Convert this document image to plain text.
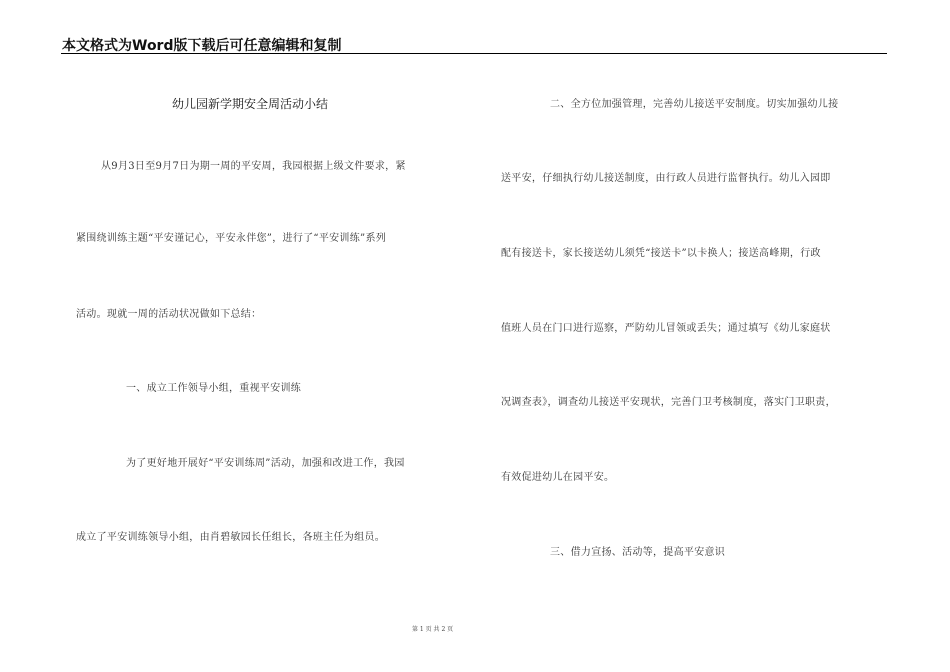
本文格式为Word版下载后可任意编辑和复制
幼儿园新学期安全周活动小结
从9月3日至9月7日为期一周的平安周，我园根据上级文件要求，紧
紧围绕训练主题“平安谨记心，平安永伴您”，进行了“平安训练”系列
活动。现就一周的活动状况做如下总结：
一、成立工作领导小组，重视平安训练
为了更好地开展好“平安训练周”活动，加强和改进工作，我园
成立了平安训练领导小组，由肖碧敏园长任组长，各班主任为组员。
二、全方位加强管理，完善幼儿接送平安制度。切实加强幼儿接
送平安，仔细执行幼儿接送制度，由行政人员进行监督执行。幼儿入园即
配有接送卡，家长接送幼儿须凭“接送卡”以卡换人；接送高峰期，行政
值班人员在门口进行巡察，严防幼儿冒领或丢失；通过填写《幼儿家庭状
况调查表》，调查幼儿接送平安现状，完善门卫考核制度，落实门卫职责，
有效促进幼儿在园平安。
三、借力宣扬、活动等，提高平安意识
第 1 页 共 2 页
